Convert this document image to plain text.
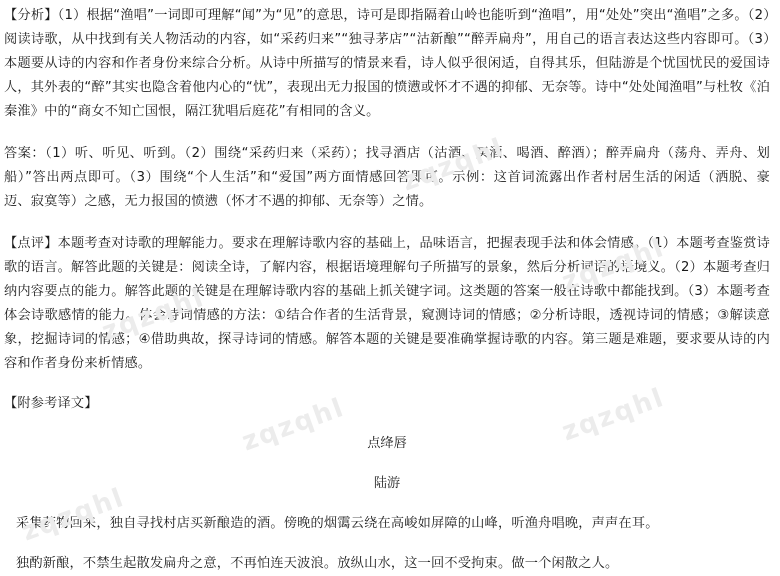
【分析】（1）根据“渔唱”一词即可理解“闻”为“见”的意思，诗可是即指隔着山岭也能听到“渔唱”，用“处处”突出“渔唱”之多。（2）阅读诗歌，从中找到有关人物活动的内容，如“采药归来”“独寻茅店”“沽新酿”“醉弄扁舟”，用自己的语言表达这些内容即可。（3）本题要从诗的内容和作者身份来综合分析。从诗中所描写的情景来看，诗人似乎很闲适，自得其乐，但陆游是个忧国忧民的爱国诗人，其外表的“醉”其实也隐含着他内心的“忧”，表现出无力报国的愤懑或怀才不遇的抑郁、无奈等。诗中“处处闻渔唱”与杜牧《泊秦淮》中的“商女不知亡国恨，隔江犹唱后庭花”有相同的含义。

答案：（1）听、听见、听到。（2）围绕“采药归来（采药）；找寻酒店（沽酒、买酒、喝酒、醉酒）；醉弄扁舟（荡舟、弄舟、划船）”答出两点即可。（3）围绕“个人生活”和“爱国”两方面情感回答即可。示例：这首词流露出作者村居生活的闲适（洒脱、豪迈、寂寞等）之感，无力报国的愤懑（怀才不遇的抑郁、无奈等）之情。

【点评】本题考查对诗歌的理解能力。要求在理解诗歌内容的基础上，品味语言，把握表现手法和体会情感。（1）本题考查鉴赏诗歌的语言。解答此题的关键是：阅读全诗，了解内容，根据语境理解句子所描写的景象，然后分析词语的语境义。（2）本题考查归纳内容要点的能力。解答此题的关键是在理解诗歌内容的基础上抓关键字词。这类题的答案一般在诗歌中都能找到。（3）本题考查体会诗歌感情的能力。体会诗词情感的方法：①结合作者的生活背景，窥测诗词的情感；②分析诗眼，透视诗词的情感；③解读意象，挖掘诗词的情感；④借助典故，探寻诗词的情感。解答本题的关键是要准确掌握诗歌的内容。第三题是难题，要求要从诗的内容和作者身份来析情感。

【附参考译文】

点绛唇

陆游

采集药物回来，独自寻找村店买新酿造的酒。傍晚的烟霭云绕在高峻如屏障的山峰，听渔舟唱晚，声声在耳。

独酌新酿，不禁生起散发扁舟之意，不再怕连天波浪。放纵山水，这一回不受拘束。做一个闲散之人。

zqzqhl
zqzqhl
zqzqhl
zqzqhl	zqzqhl
zqzqhl
